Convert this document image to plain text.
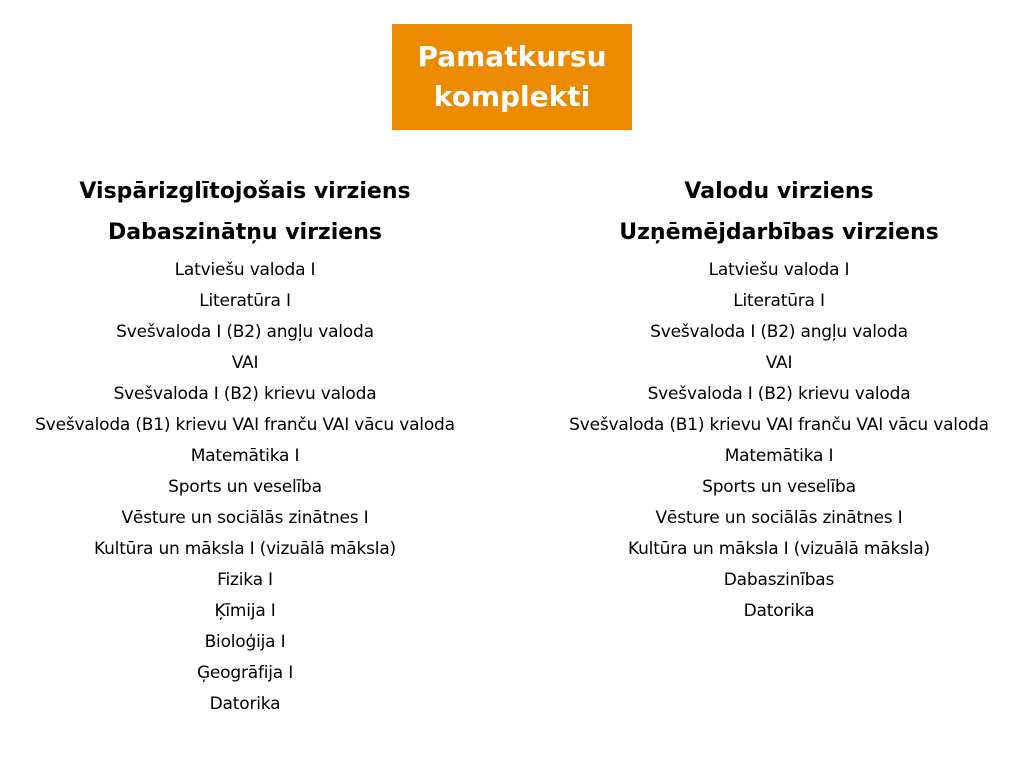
Pamatkursu
komplekti
Vispārizglītojošais virziens
Dabaszinātņu virziens
Latviešu valoda I
Literatūra I
Svešvaloda I (B2) angļu valoda
VAI
Svešvaloda I (B2) krievu valoda
Svešvaloda (B1) krievu VAI franču VAI vācu valoda
Matemātika I
Sports un veselība
Vēsture un sociālās zinātnes I
Kultūra un māksla I (vizuālā māksla)
Fizika I
Ķīmija I
Bioloģija I
Ģeogrāfija I
Datorika
Valodu virziens
Uzņēmējdarbības virziens
Latviešu valoda I
Literatūra I
Svešvaloda I (B2) angļu valoda
VAI
Svešvaloda I (B2) krievu valoda
Svešvaloda (B1) krievu VAI franču VAI vācu valoda
Matemātika I
Sports un veselība
Vēsture un sociālās zinātnes I
Kultūra un māksla I (vizuālā māksla)
Dabaszinības
Datorika
